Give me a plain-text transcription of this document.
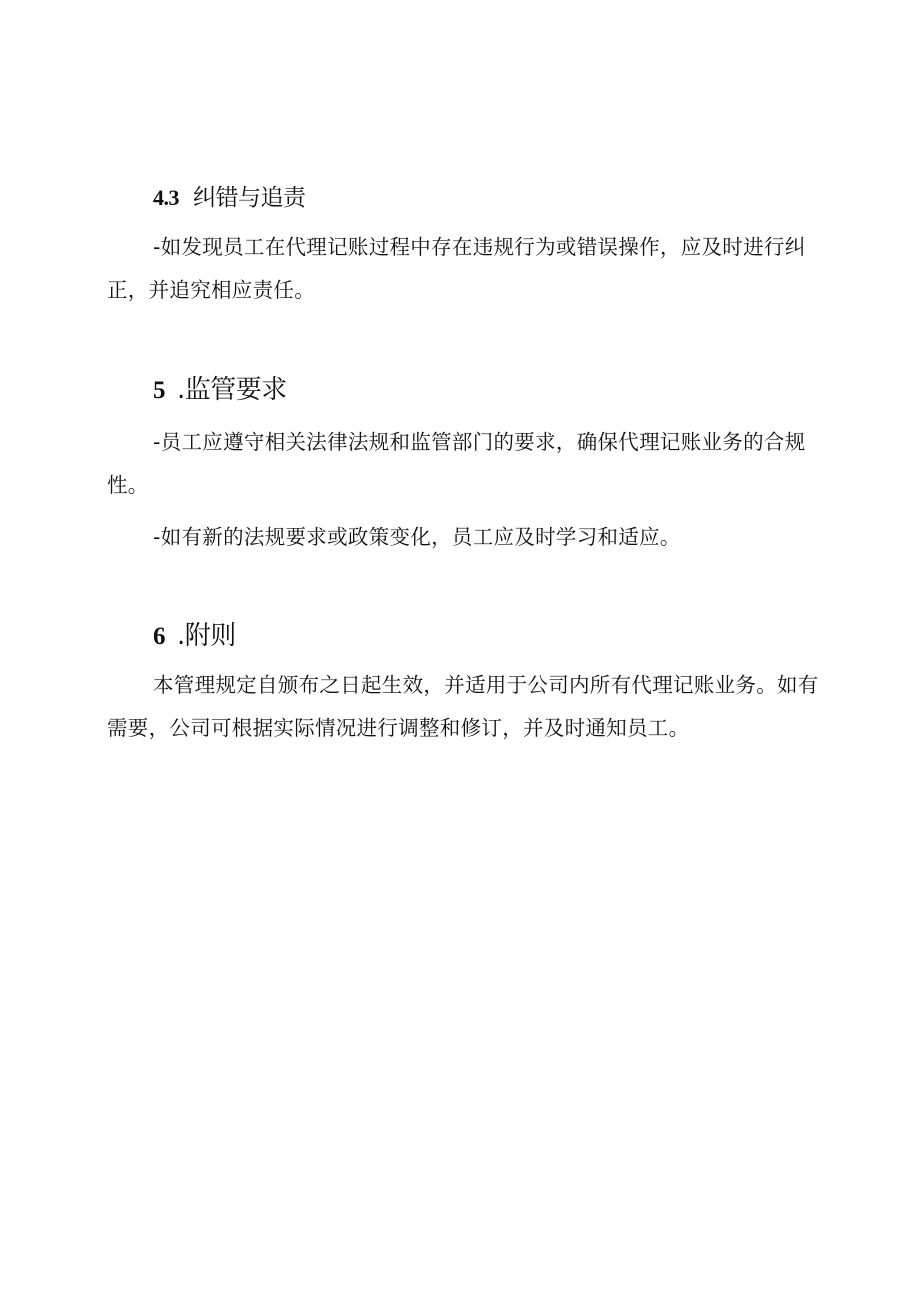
4.3 纠错与追责

-如发现员工在代理记账过程中存在违规行为或错误操作，应及时进行纠正，并追究相应责任。

5 .监管要求

-员工应遵守相关法律法规和监管部门的要求，确保代理记账业务的合规性。

-如有新的法规要求或政策变化，员工应及时学习和适应。

6 .附则

本管理规定自颁布之日起生效，并适用于公司内所有代理记账业务。如有需要，公司可根据实际情况进行调整和修订，并及时通知员工。
